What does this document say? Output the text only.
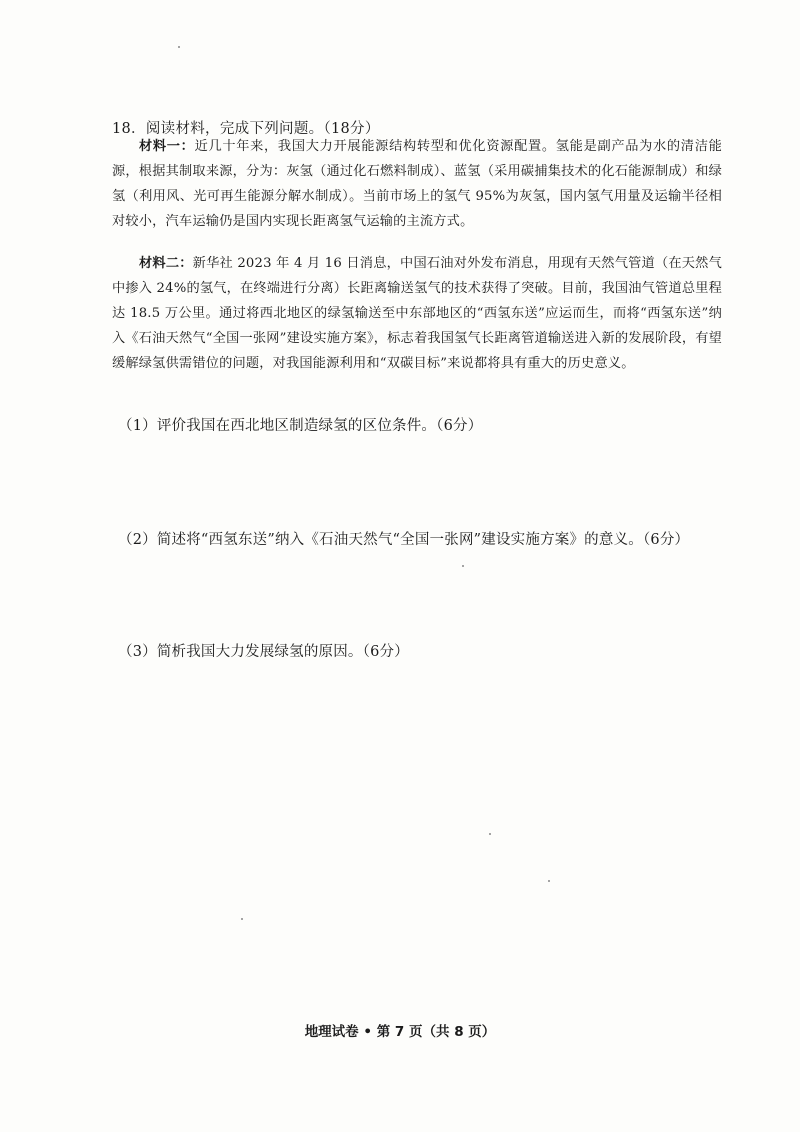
18．阅读材料，完成下列问题。（18分）
材料一：近几十年来，我国大力开展能源结构转型和优化资源配置。氢能是副产品为水的清洁能源，根据其制取来源，分为：灰氢（通过化石燃料制成）、蓝氢（采用碳捕集技术的化石能源制成）和绿氢（利用风、光可再生能源分解水制成）。当前市场上的氢气 95%为灰氢，国内氢气用量及运输半径相对较小，汽车运输仍是国内实现长距离氢气运输的主流方式。
材料二：新华社 2023 年 4 月 16 日消息，中国石油对外发布消息，用现有天然气管道（在天然气中掺入 24%的氢气，在终端进行分离）长距离输送氢气的技术获得了突破。目前，我国油气管道总里程达 18.5 万公里。通过将西北地区的绿氢输送至中东部地区的“西氢东送”应运而生，而将“西氢东送”纳入《石油天然气“全国一张网”建设实施方案》，标志着我国氢气长距离管道输送进入新的发展阶段，有望缓解绿氢供需错位的问题，对我国能源利用和“双碳目标”来说都将具有重大的历史意义。
（1）评价我国在西北地区制造绿氢的区位条件。（6分）
（2）简述将“西氢东送”纳入《石油天然气“全国一张网”建设实施方案》的意义。（6分）
（3）简析我国大力发展绿氢的原因。（6分）
地理试卷 • 第 7 页（共 8 页）
